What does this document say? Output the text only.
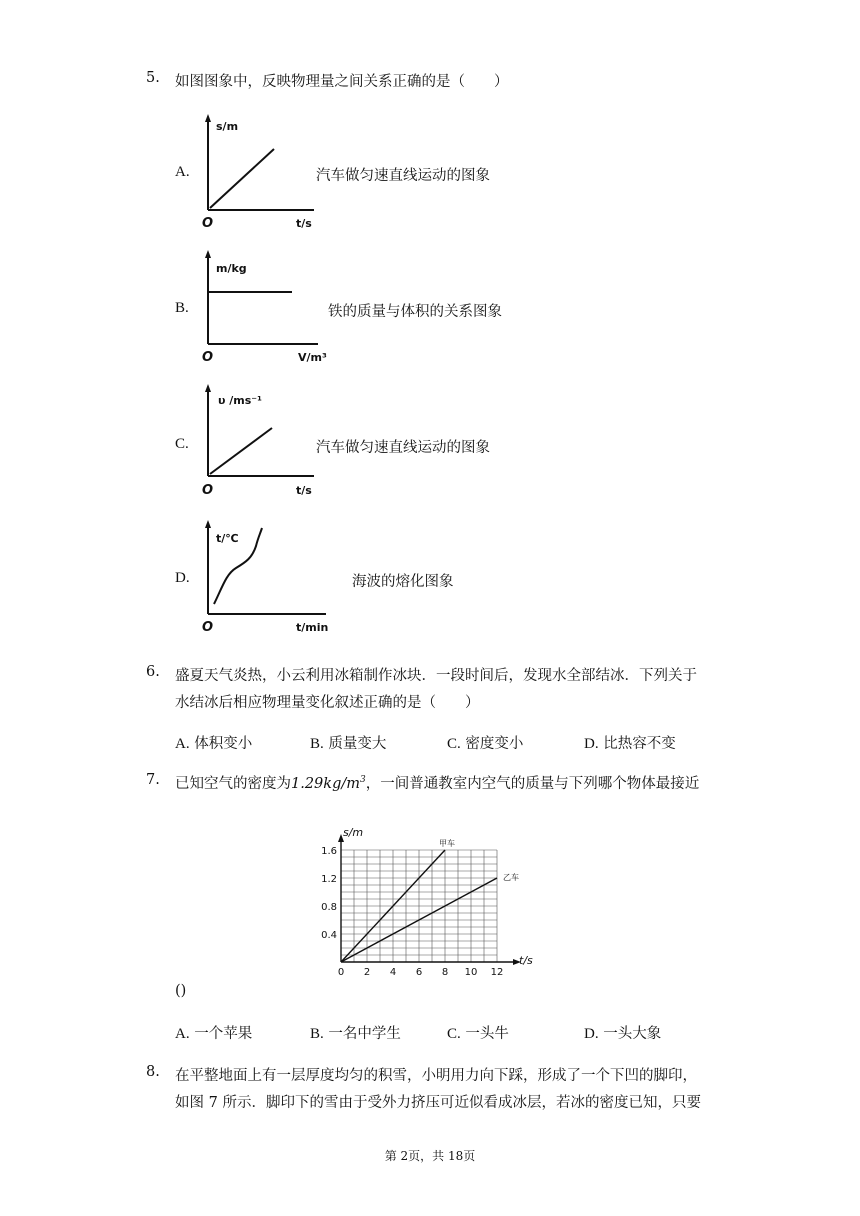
5. 如图图象中，反映物理量之间关系正确的是（　　）
A.
s/m
O	t/s
汽车做匀速直线运动的图象
B.
m/kg
O	V/m³
铁的质量与体积的关系图象
C.
υ /ms⁻¹
O	t/s
汽车做匀速直线运动的图象
D.
t/℃
O	t/min
海波的熔化图象
6. 盛夏天气炎热，小云利用冰箱制作冰块．一段时间后，发现水全部结冰．下列关于
水结冰后相应物理量变化叙述正确的是（　　）
A. 体积变小	B. 质量变大	C. 密度变小	D. 比热容不变
7. 已知空气的密度为$1.29kg/m^3$，一间普通教室内空气的质量与下列哪个物体最接近
甲车
乙车
0 2 4 6 8 10 12
0.4
0.8
1.2
1.6
s/m
t/s
()
A. 一个苹果	B. 一名中学生	C. 一头牛	D. 一头大象
8. 在平整地面上有一层厚度均匀的积雪，小明用力向下踩，形成了一个下凹的脚印，
如图 7 所示．脚印下的雪由于受外力挤压可近似看成冰层，若冰的密度已知，只要
第 2页，共 18页
